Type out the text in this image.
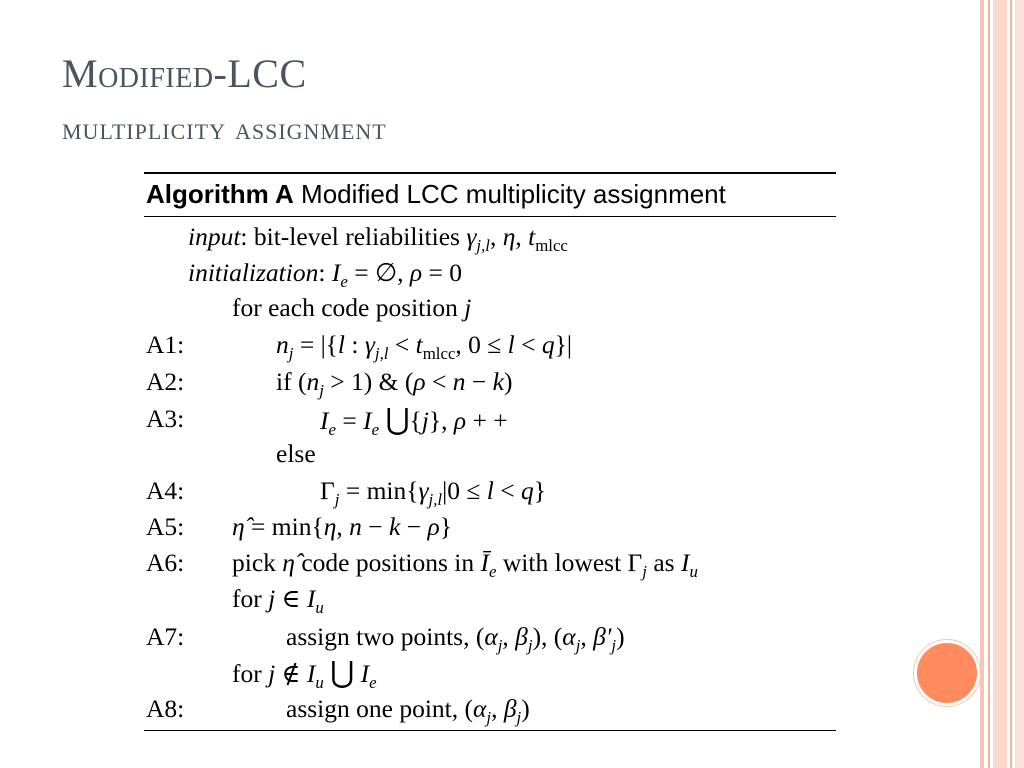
Modified-LCC
multiplicity assignment
Algorithm A Modified LCC multiplicity assignment
input: bit-level reliabilities $\gamma_{j,l}$, η, $t_{mlcc}$
initialization: $I_e$ = ∅, ρ = 0
for each code position j
A1:	$n_j = |\{l$ : $\gamma_{j,l} < t_{mlcc}$, 0 ≤ l < q}|
A2:	if $(n_j > 1)$ & (ρ < n − k)
A3:	$I_e = I_e$ ⋃{j}, ρ + +
else
A4:	$\Gamma_j = \min\{\gamma_{j,l}|0 \le l < q\}$
A5: η̂ = min{η, n − k − ρ}
A6: pick η̂ code positions in $Ī_e$ with lowest $\Gamma_j$ as $I_u$
for j ∈ $I_u$
A7:	assign two points, ($\alpha_j$, $\beta_j$), ($\alpha_j$, $\beta'_j$)
for j ∉ $I_u$ ⋃ $I_e$
A8:	assign one point, ($\alpha_j$, $\beta_j$)
